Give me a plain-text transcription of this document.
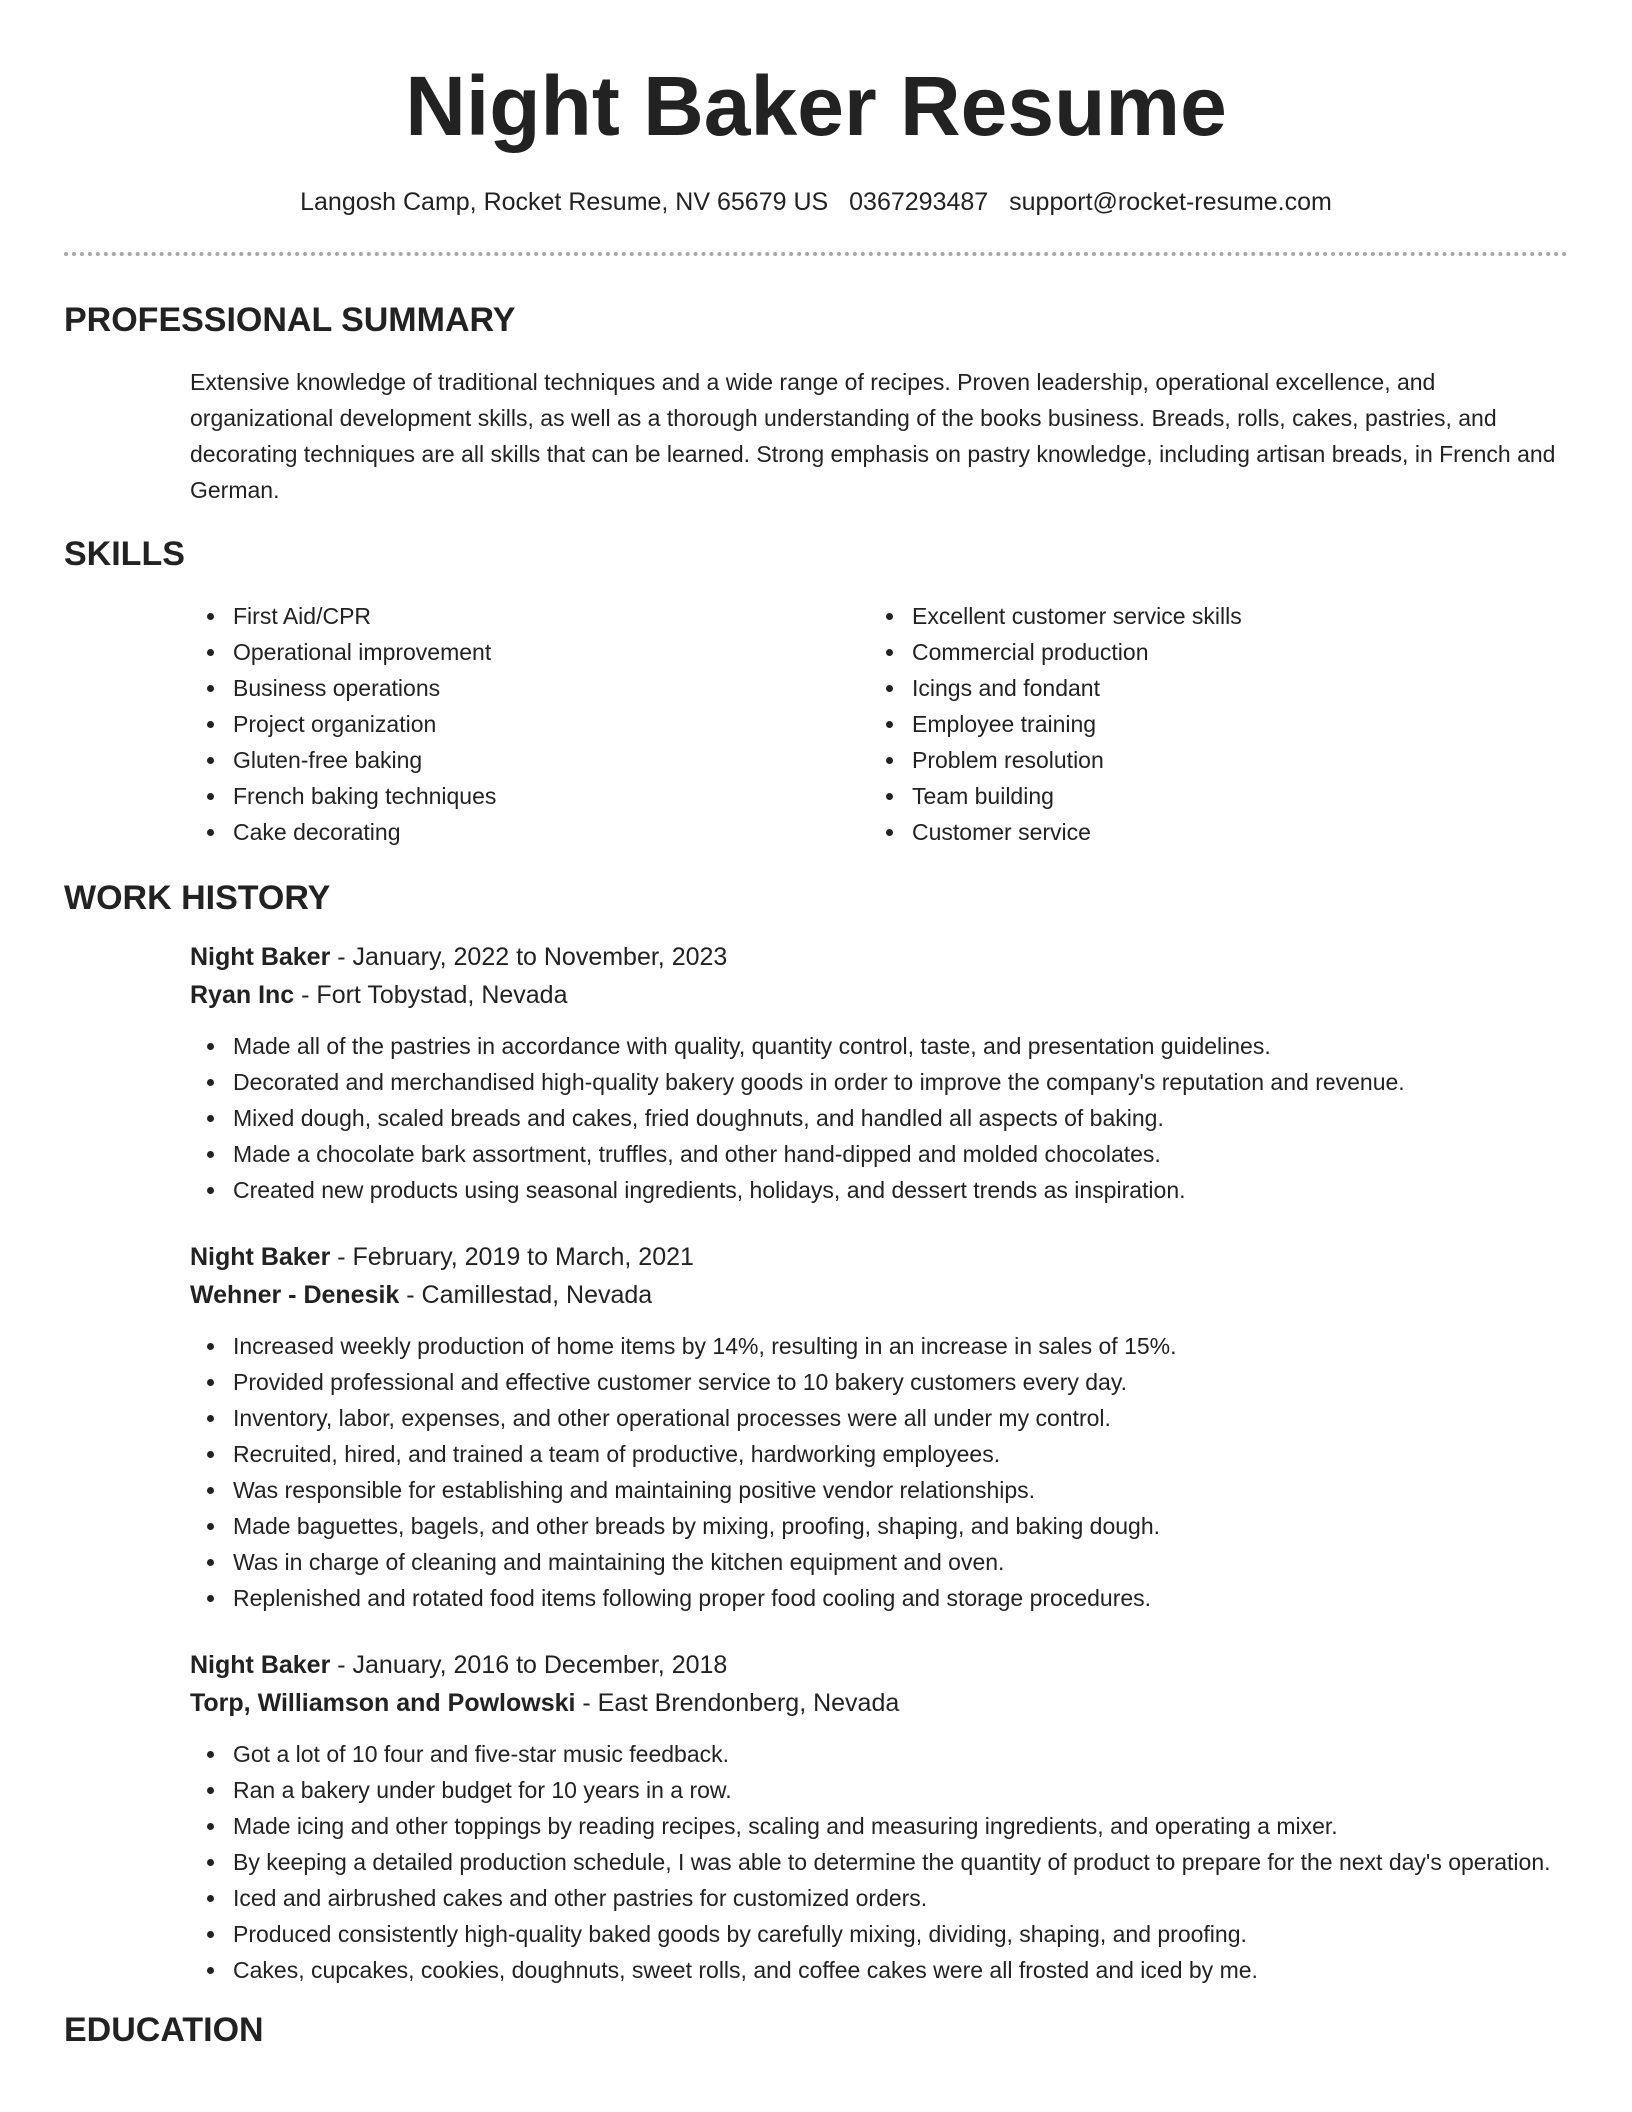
Night Baker Resume
Langosh Camp, Rocket Resume, NV 65679 US 0367293487 support@rocket-resume.com
PROFESSIONAL SUMMARY
Extensive knowledge of traditional techniques and a wide range of recipes. Proven leadership, operational excellence, and organizational development skills, as well as a thorough understanding of the books business. Breads, rolls, cakes, pastries, and decorating techniques are all skills that can be learned. Strong emphasis on pastry knowledge, including artisan breads, in French and German.
SKILLS
First Aid/CPR
Operational improvement
Business operations
Project organization
Gluten-free baking
French baking techniques
Cake decorating
Excellent customer service skills
Commercial production
Icings and fondant
Employee training
Problem resolution
Team building
Customer service
WORK HISTORY
Night Baker - January, 2022 to November, 2023
Ryan Inc - Fort Tobystad, Nevada
Made all of the pastries in accordance with quality, quantity control, taste, and presentation guidelines.
Decorated and merchandised high-quality bakery goods in order to improve the company's reputation and revenue.
Mixed dough, scaled breads and cakes, fried doughnuts, and handled all aspects of baking.
Made a chocolate bark assortment, truffles, and other hand-dipped and molded chocolates.
Created new products using seasonal ingredients, holidays, and dessert trends as inspiration.
Night Baker - February, 2019 to March, 2021
Wehner - Denesik - Camillestad, Nevada
Increased weekly production of home items by 14%, resulting in an increase in sales of 15%.
Provided professional and effective customer service to 10 bakery customers every day.
Inventory, labor, expenses, and other operational processes were all under my control.
Recruited, hired, and trained a team of productive, hardworking employees.
Was responsible for establishing and maintaining positive vendor relationships.
Made baguettes, bagels, and other breads by mixing, proofing, shaping, and baking dough.
Was in charge of cleaning and maintaining the kitchen equipment and oven.
Replenished and rotated food items following proper food cooling and storage procedures.
Night Baker - January, 2016 to December, 2018
Torp, Williamson and Powlowski - East Brendonberg, Nevada
Got a lot of 10 four and five-star music feedback.
Ran a bakery under budget for 10 years in a row.
Made icing and other toppings by reading recipes, scaling and measuring ingredients, and operating a mixer.
By keeping a detailed production schedule, I was able to determine the quantity of product to prepare for the next day's operation.
Iced and airbrushed cakes and other pastries for customized orders.
Produced consistently high-quality baked goods by carefully mixing, dividing, shaping, and proofing.
Cakes, cupcakes, cookies, doughnuts, sweet rolls, and coffee cakes were all frosted and iced by me.
EDUCATION
